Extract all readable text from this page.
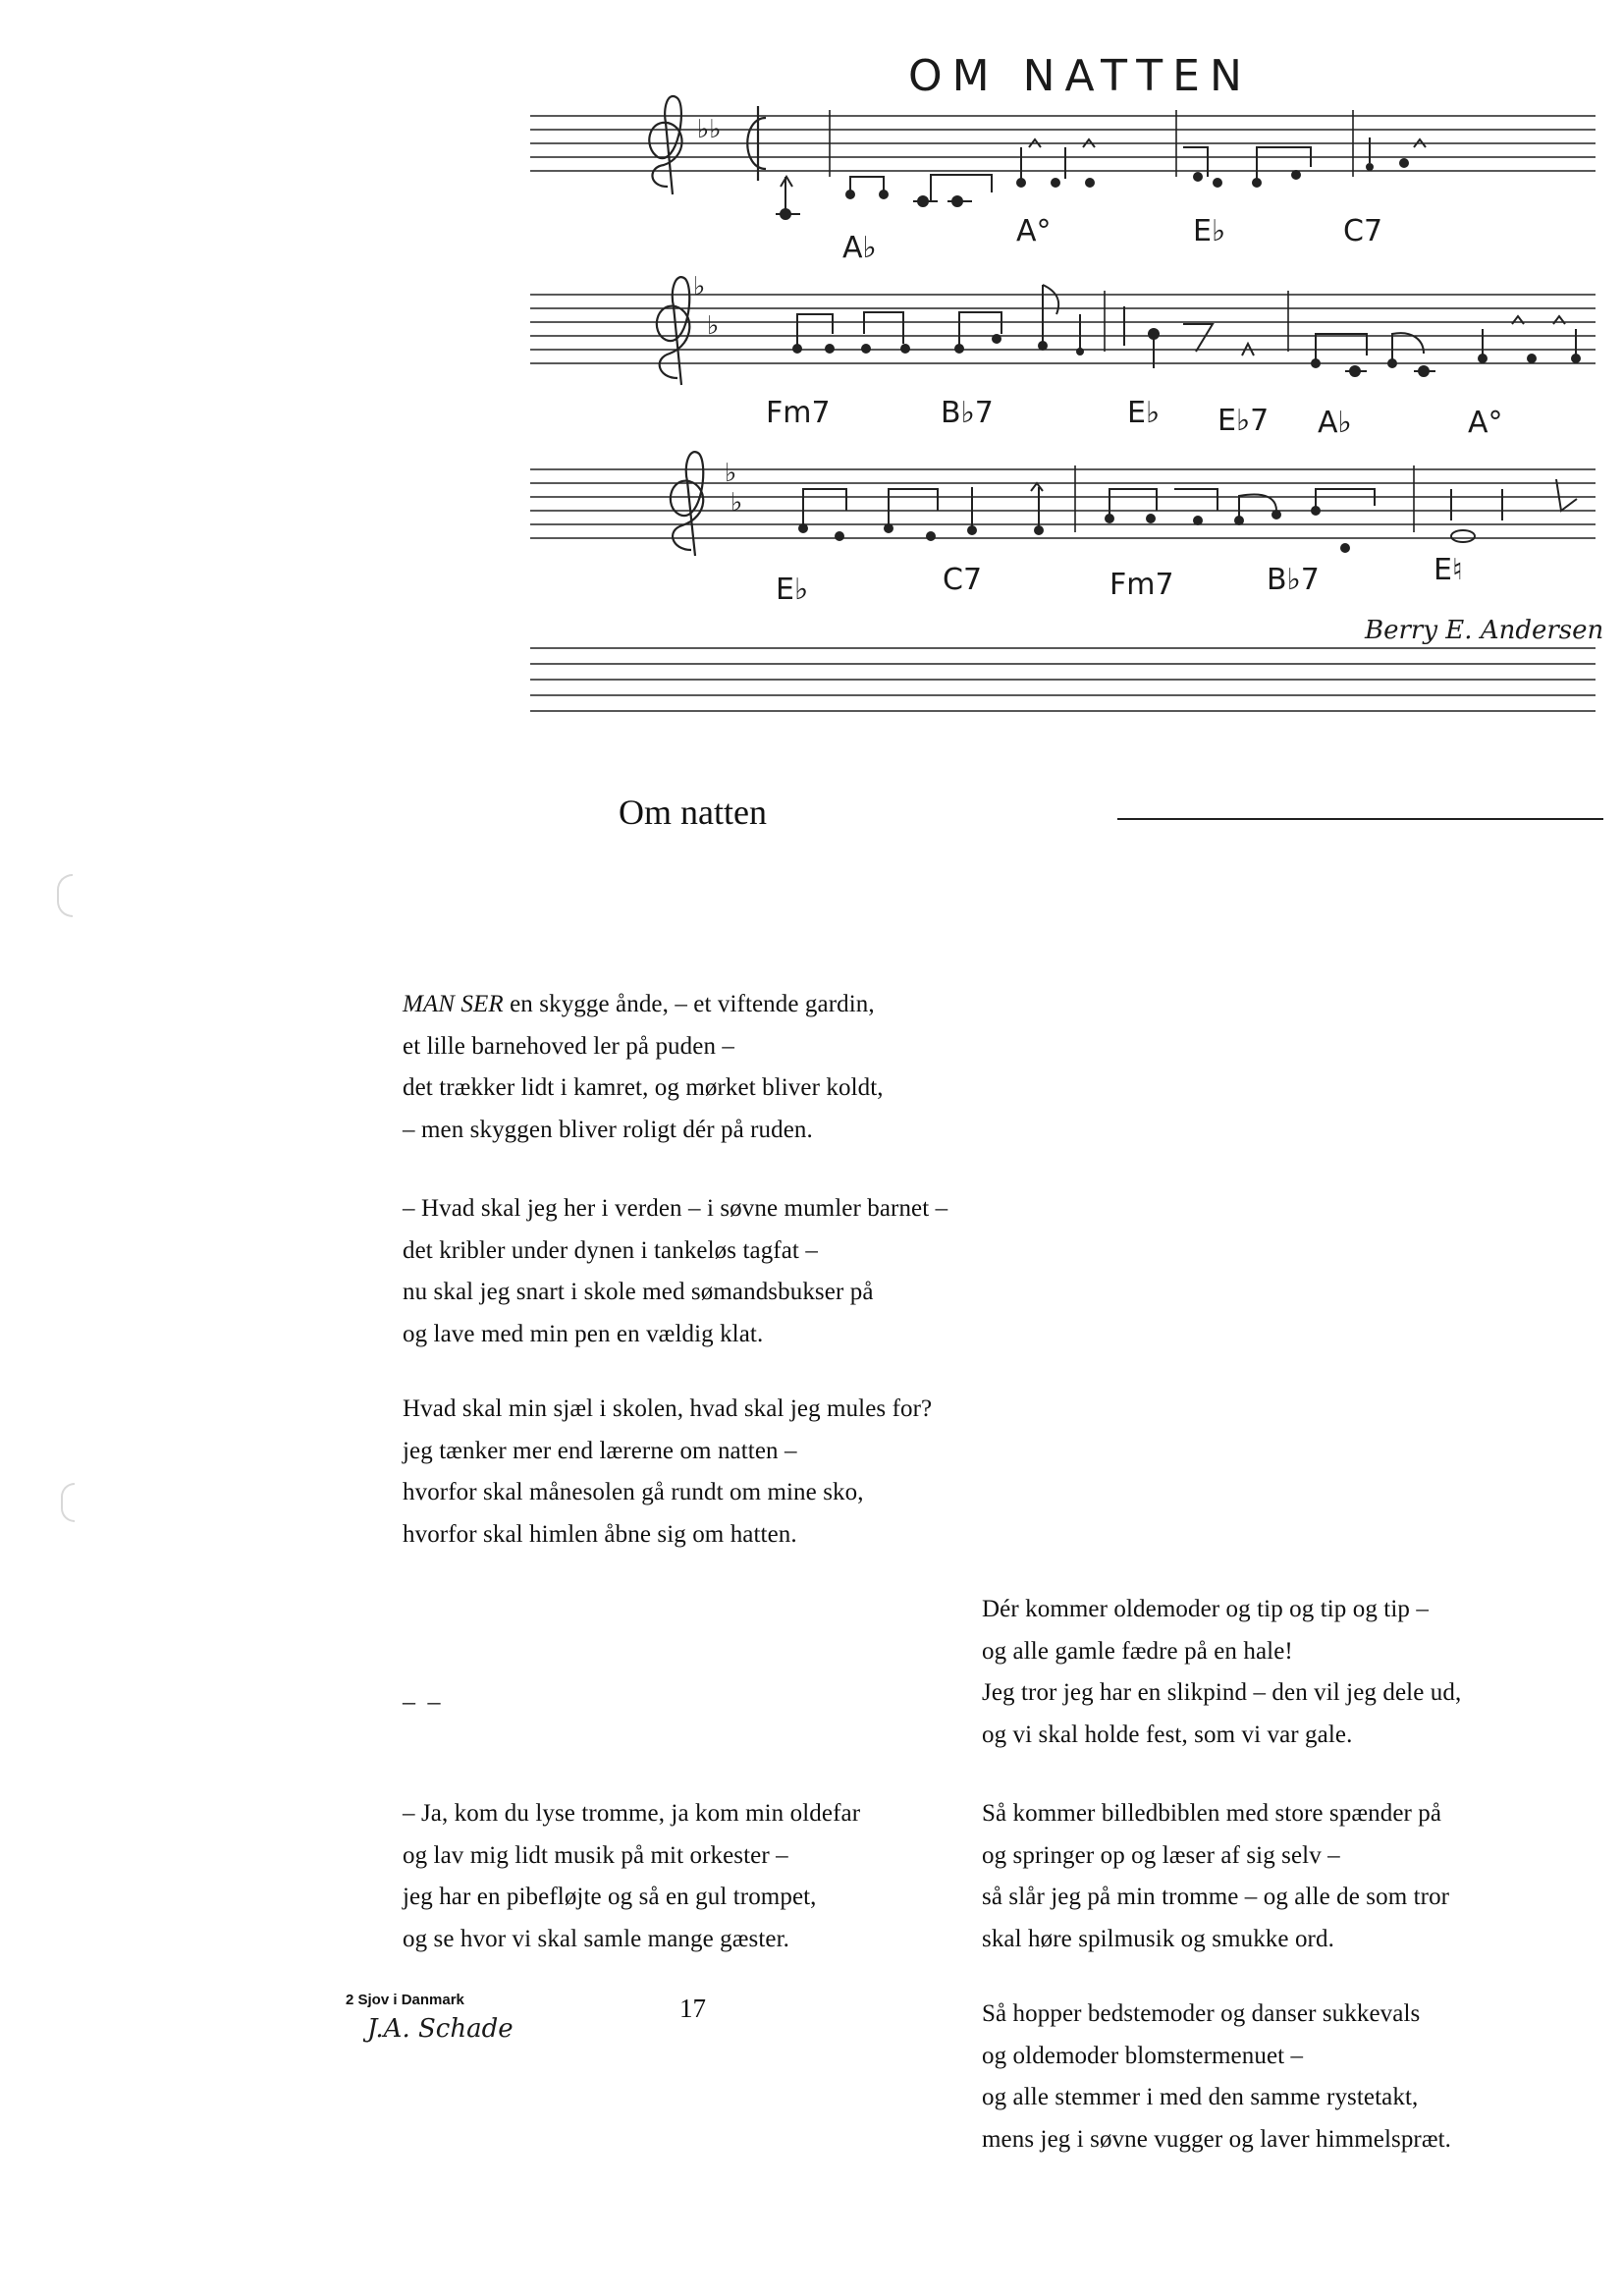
OM NATTEN
♭♭
A♭	A°	E♭	C7
♭
♭
Fm7	B♭7	E♭ E♭7 A♭	A°
♭
♭
E♭	C7	Fm7	B♭7	E♮
Berry E. Andersen
Om natten
MAN SER en skygge ånde, – et viftende gardin,
et lille barnehoved ler på puden –
det trækker lidt i kamret, og mørket bliver koldt,
– men skyggen bliver roligt dér på ruden.
– Hvad skal jeg her i verden – i søvne mumler barnet –
det kribler under dynen i tankeløs tagfat –
nu skal jeg snart i skole med sømandsbukser på
og lave med min pen en vældig klat.
Hvad skal min sjæl i skolen, hvad skal jeg mules for?
jeg tænker mer end lærerne om natten –
hvorfor skal månesolen gå rundt om mine sko,
hvorfor skal himlen åbne sig om hatten.
– –
– Ja, kom du lyse tromme, ja kom min oldefar
og lav mig lidt musik på mit orkester –
jeg har en pibefløjte og så en gul trompet,
og se hvor vi skal samle mange gæster.
Dér kommer oldemoder og tip og tip og tip –
og alle gamle fædre på en hale!
Jeg tror jeg har en slikpind – den vil jeg dele ud,
og vi skal holde fest, som vi var gale.
Så kommer billedbiblen med store spænder på
og springer op og læser af sig selv –
så slår jeg på min tromme – og alle de som tror
skal høre spilmusik og smukke ord.
Så hopper bedstemoder og danser sukkevals
og oldemoder blomstermenuet –
og alle stemmer i med den samme rystetakt,
mens jeg i søvne vugger og laver himmelspræt.
2 Sjov i Danmark
J.A. Schade
17
